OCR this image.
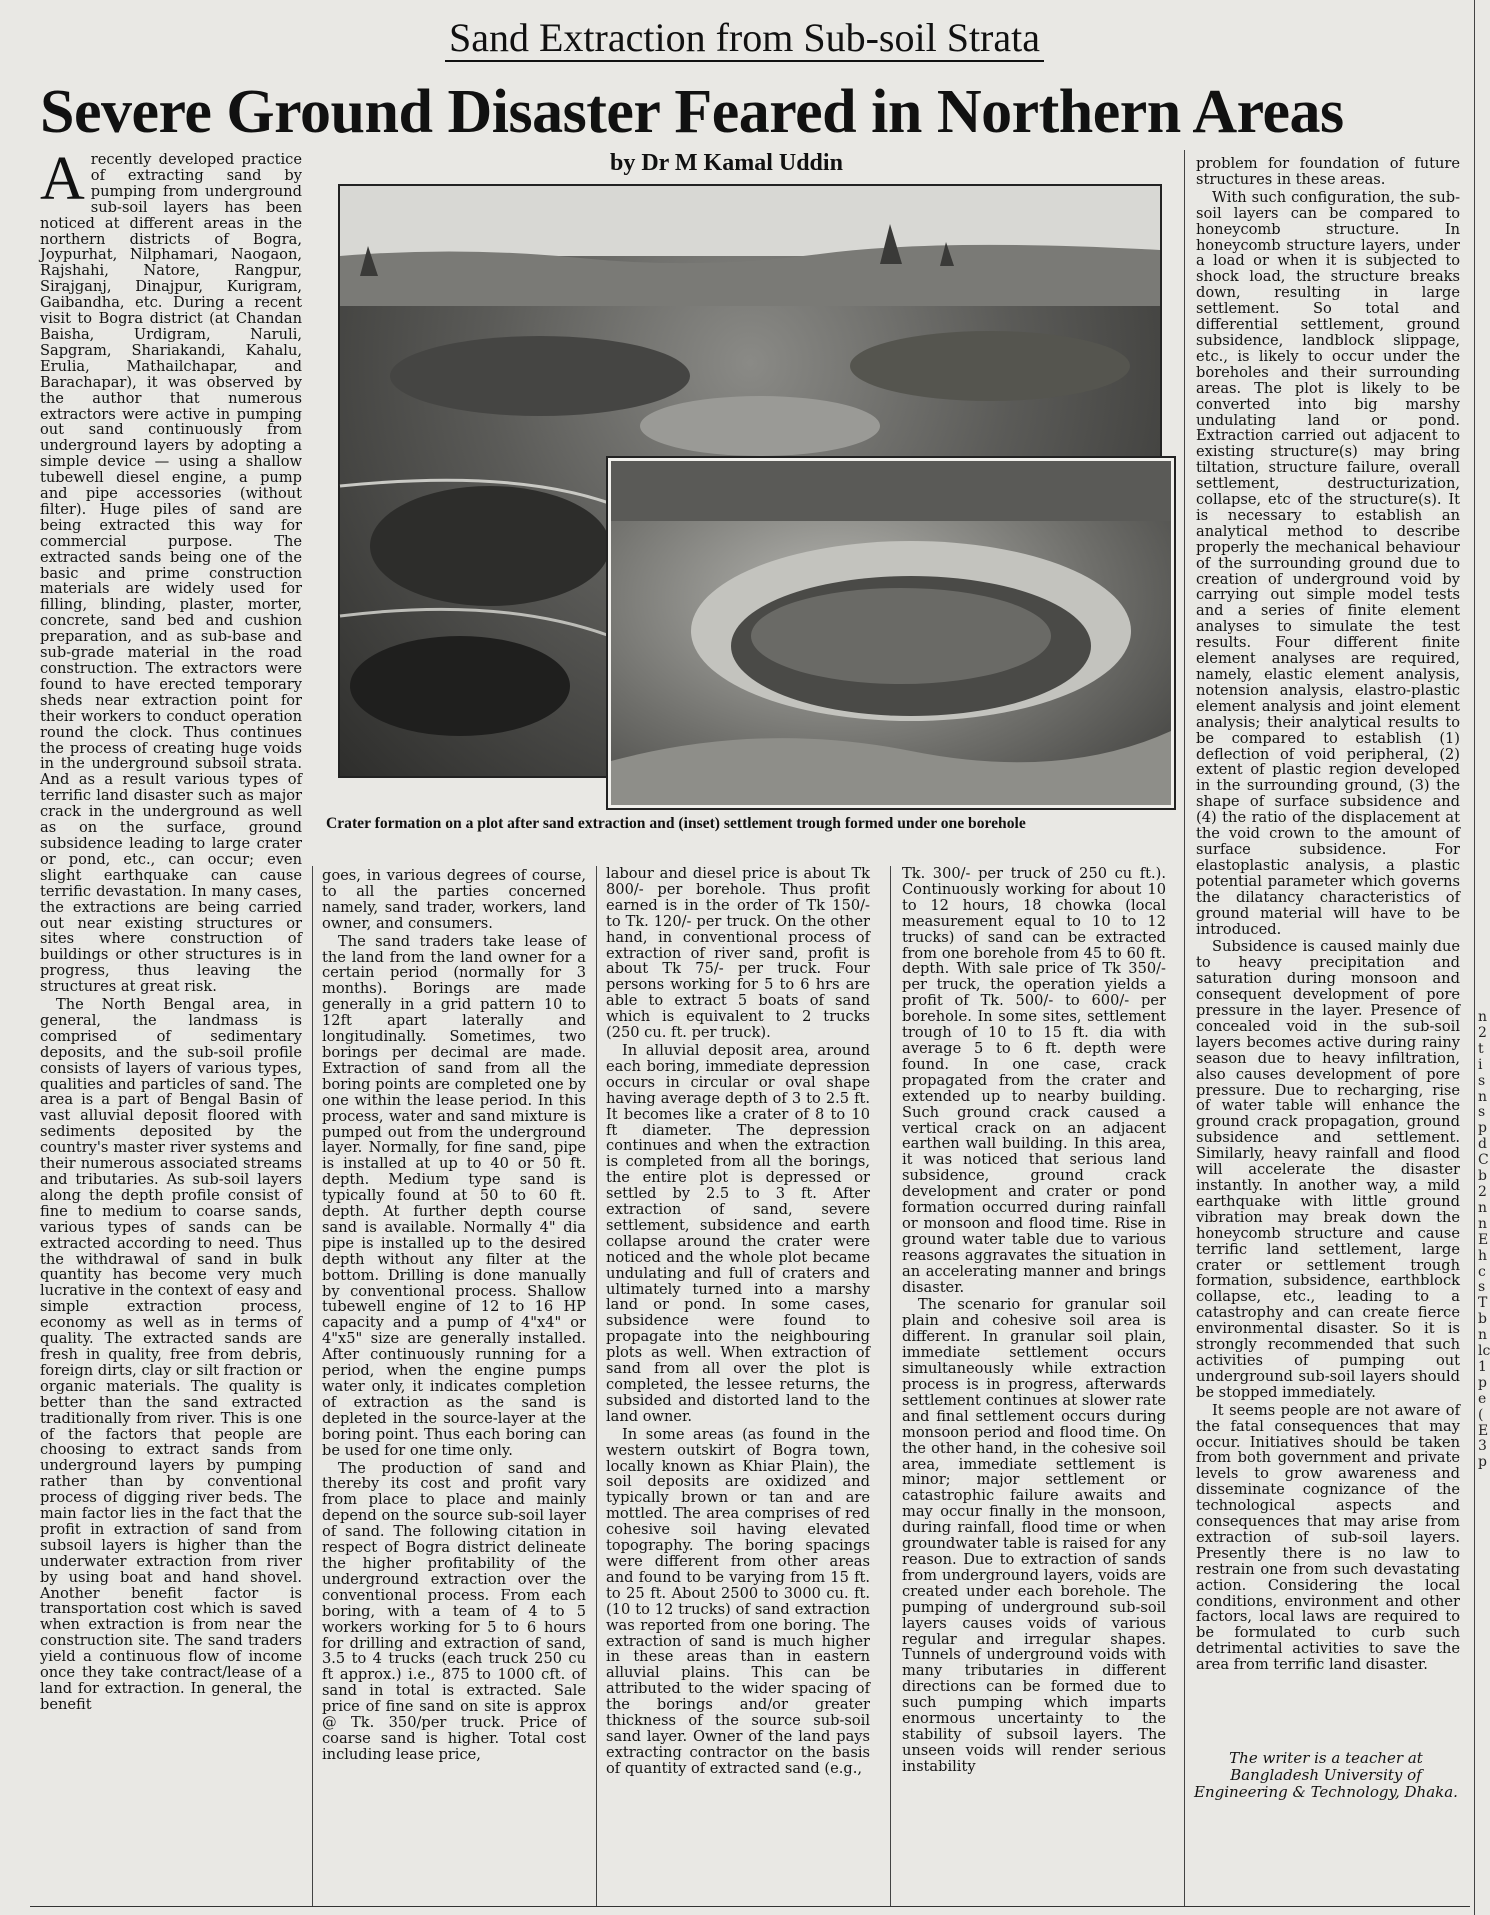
Sand Extraction from Sub-soil Strata
Severe Ground Disaster Feared in Northern Areas
by Dr M Kamal Uddin

Arecently developed practice of extracting sand by pumping from underground sub-soil layers has been noticed at different areas in the northern districts of Bogra, Joypurhat, Nilphamari, Naogaon, Rajshahi, Natore, Rangpur, Sirajganj, Dinajpur, Kurigram, Gaibandha, etc. During a recent visit to Bogra district (at Chandan Baisha, Urdigram, Naruli, Sapgram, Shariakandi, Kahalu, Erulia, Mathailchapar, and Barachapar), it was observed by the author that numerous extractors were active in pumping out sand continuously from underground layers by adopting a simple device — using a shallow tubewell diesel engine, a pump and pipe accessories (without filter). Huge piles of sand are being extracted this way for commercial purpose. The extracted sands being one of the basic and prime construction materials are widely used for filling, blinding, plaster, morter, concrete, sand bed and cushion preparation, and as sub-base and sub-grade material in the road construction. The extractors were found to have erected temporary sheds near extraction point for their workers to conduct operation round the clock. Thus continues the process of creating huge voids in the underground subsoil strata. And as a result various types of terrific land disaster such as major crack in the underground as well as on the surface, ground subsidence leading to large crater or pond, etc., can occur; even slight earthquake can cause terrific devastation. In many cases, the extractions are being carried out near existing structures or sites where construction of buildings or other structures is in progress, thus leaving the structures at great risk.

The North Bengal area, in general, the landmass is comprised of sedimentary deposits, and the sub-soil profile consists of layers of various types, qualities and particles of sand. The area is a part of Bengal Basin of vast alluvial deposit floored with sediments deposited by the country's master river systems and their numerous associated streams and tributaries. As sub-soil layers along the depth profile consist of fine to medium to coarse sands, various types of sands can be extracted according to need. Thus the withdrawal of sand in bulk quantity has become very much lucrative in the context of easy and simple extraction process, economy as well as in terms of quality. The extracted sands are fresh in quality, free from debris, foreign dirts, clay or silt fraction or organic materials. The quality is better than the sand extracted traditionally from river. This is one of the factors that people are choosing to extract sands from underground layers by pumping rather than by conventional process of digging river beds. The main factor lies in the fact that the profit in extraction of sand from subsoil layers is higher than the underwater extraction from river by using boat and hand shovel. Another benefit factor is transportation cost which is saved when extraction is from near the construction site. The sand traders yield a continuous flow of income once they take contract/lease of a land for extraction. In general, the benefit

Crater formation on a plot after sand extraction and (inset) settlement trough formed under one borehole

goes, in various degrees of course, to all the parties concerned namely, sand trader, workers, land owner, and consumers.

The sand traders take lease of the land from the land owner for a certain period (normally for 3 months). Borings are made generally in a grid pattern 10 to 12ft apart laterally and longitudinally. Sometimes, two borings per decimal are made. Extraction of sand from all the boring points are completed one by one within the lease period. In this process, water and sand mixture is pumped out from the underground layer. Normally, for fine sand, pipe is installed at up to 40 or 50 ft. depth. Medium type sand is typically found at 50 to 60 ft. depth. At further depth course sand is available. Normally 4" dia pipe is installed up to the desired depth without any filter at the bottom. Drilling is done manually by conventional process. Shallow tubewell engine of 12 to 16 HP capacity and a pump of 4"x4" or 4"x5" size are generally installed. After continuously running for a period, when the engine pumps water only, it indicates completion of extraction as the sand is depleted in the source-layer at the boring point. Thus each boring can be used for one time only.

The production of sand and thereby its cost and profit vary from place to place and mainly depend on the source sub-soil layer of sand. The following citation in respect of Bogra district delineate the higher profitability of the underground extraction over the conventional process. From each boring, with a team of 4 to 5 workers working for 5 to 6 hours for drilling and extraction of sand, 3.5 to 4 trucks (each truck 250 cu ft approx.) i.e., 875 to 1000 cft. of sand in total is extracted. Sale price of fine sand on site is approx @ Tk. 350/per truck. Price of coarse sand is higher. Total cost including lease price,

labour and diesel price is about Tk 800/- per borehole. Thus profit earned is in the order of Tk 150/- to Tk. 120/- per truck. On the other hand, in conventional process of extraction of river sand, profit is about Tk 75/- per truck. Four persons working for 5 to 6 hrs are able to extract 5 boats of sand which is equivalent to 2 trucks (250 cu. ft. per truck).

In alluvial deposit area, around each boring, immediate depression occurs in circular or oval shape having average depth of 3 to 2.5 ft. It becomes like a crater of 8 to 10 ft diameter. The depression continues and when the extraction is completed from all the borings, the entire plot is depressed or settled by 2.5 to 3 ft. After extraction of sand, severe settlement, subsidence and earth collapse around the crater were noticed and the whole plot became undulating and full of craters and ultimately turned into a marshy land or pond. In some cases, subsidence were found to propagate into the neighbouring plots as well. When extraction of sand from all over the plot is completed, the lessee returns, the subsided and distorted land to the land owner.

In some areas (as found in the western outskirt of Bogra town, locally known as Khiar Plain), the soil deposits are oxidized and typically brown or tan and are mottled. The area comprises of red cohesive soil having elevated topography. The boring spacings were different from other areas and found to be varying from 15 ft. to 25 ft. About 2500 to 3000 cu. ft. (10 to 12 trucks) of sand extraction was reported from one boring. The extraction of sand is much higher in these areas than in eastern alluvial plains. This can be attributed to the wider spacing of the borings and/or greater thickness of the source sub-soil sand layer. Owner of the land pays extracting contractor on the basis of quantity of extracted sand (e.g.,

Tk. 300/- per truck of 250 cu ft.). Continuously working for about 10 to 12 hours, 18 chowka (local measurement equal to 10 to 12 trucks) of sand can be extracted from one borehole from 45 to 60 ft. depth. With sale price of Tk 350/-per truck, the operation yields a profit of Tk. 500/- to 600/- per borehole. In some sites, settlement trough of 10 to 15 ft. dia with average 5 to 6 ft. depth were found. In one case, crack propagated from the crater and extended up to nearby building. Such ground crack caused a vertical crack on an adjacent earthen wall building. In this area, it was noticed that serious land subsidence, ground crack development and crater or pond formation occurred during rainfall or monsoon and flood time. Rise in ground water table due to various reasons aggravates the situation in an accelerating manner and brings disaster.

The scenario for granular soil plain and cohesive soil area is different. In granular soil plain, immediate settlement occurs simultaneously while extraction process is in progress, afterwards settlement continues at slower rate and final settlement occurs during monsoon period and flood time. On the other hand, in the cohesive soil area, immediate settlement is minor; major settlement or catastrophic failure awaits and may occur finally in the monsoon, during rainfall, flood time or when groundwater table is raised for any reason. Due to extraction of sands from underground layers, voids are created under each borehole. The pumping of underground sub-soil layers causes voids of various regular and irregular shapes. Tunnels of underground voids with many tributaries in different directions can be formed due to such pumping which imparts enormous uncertainty to the stability of subsoil layers. The unseen voids will render serious instability

problem for foundation of future structures in these areas.

With such configuration, the sub-soil layers can be compared to honeycomb structure. In honeycomb structure layers, under a load or when it is subjected to shock load, the structure breaks down, resulting in large settlement. So total and differential settlement, ground subsidence, landblock slippage, etc., is likely to occur under the boreholes and their surrounding areas. The plot is likely to be converted into big marshy undulating land or pond. Extraction carried out adjacent to existing structure(s) may bring tiltation, structure failure, overall settlement, destructurization, collapse, etc of the structure(s). It is necessary to establish an analytical method to describe properly the mechanical behaviour of the surrounding ground due to creation of underground void by carrying out simple model tests and a series of finite element analyses to simulate the test results. Four different finite element analyses are required, namely, elastic element analysis, notension analysis, elastro-plastic element analysis and joint element analysis; their analytical results to be compared to establish (1) deflection of void peripheral, (2) extent of plastic region developed in the surrounding ground, (3) the shape of surface subsidence and (4) the ratio of the displacement at the void crown to the amount of surface subsidence. For elastoplastic analysis, a plastic potential parameter which governs the dilatancy characteristics of ground material will have to be introduced.

Subsidence is caused mainly due to heavy precipitation and saturation during monsoon and consequent development of pore pressure in the layer. Presence of concealed void in the sub-soil layers becomes active during rainy season due to heavy infiltration, also causes development of pore pressure. Due to recharging, rise of water table will enhance the ground crack propagation, ground subsidence and settlement. Similarly, heavy rainfall and flood will accelerate the disaster instantly. In another way, a mild earthquake with little ground vibration may break down the honeycomb structure and cause terrific land settlement, large crater or settlement trough formation, subsidence, earthblock collapse, etc., leading to a catastrophy and can create fierce environmental disaster. So it is strongly recommended that such activities of pumping out underground sub-soil layers should be stopped immediately.

It seems people are not aware of the fatal consequences that may occur. Initiatives should be taken from both government and private levels to grow awareness and disseminate cognizance of the technological aspects and consequences that may arise from extraction of sub-soil layers. Presently there is no law to restrain one from such devastating action. Considering the local conditions, environment and other factors, local laws are required to be formulated to curb such detrimental activities to save the area from terrific land disaster.

The writer is a teacher at Bangladesh University of Engineering & Technology, Dhaka.
n 2 t i s n s p d C b 2 n n E h c s T b n lc 1 p e ( E 3 p
